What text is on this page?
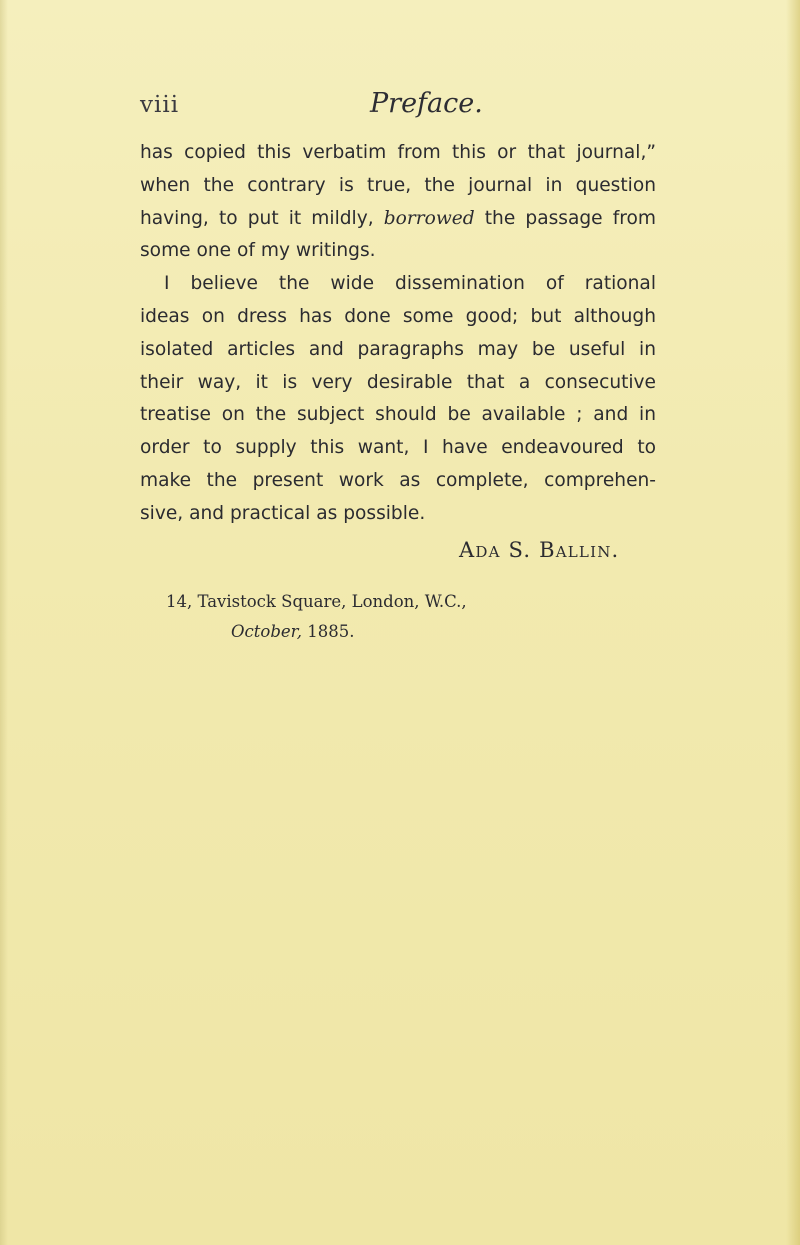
viii	Preface.
has copied this verbatim from this or that journal,”
when the contrary is true, the journal in question
having, to put it mildly, borrowed the passage from
some one of my writings.
I believe the wide dissemination of rational
ideas on dress has done some good; but although
isolated articles and paragraphs may be useful in
their way, it is very desirable that a consecutive
treatise on the subject should be available ; and in
order to supply this want, I have endeavoured to
make the present work as complete, comprehen-
sive, and practical as possible.
Ada S. Ballin.
14, Tavistock Square, London, W.C.,
October, 1885.
